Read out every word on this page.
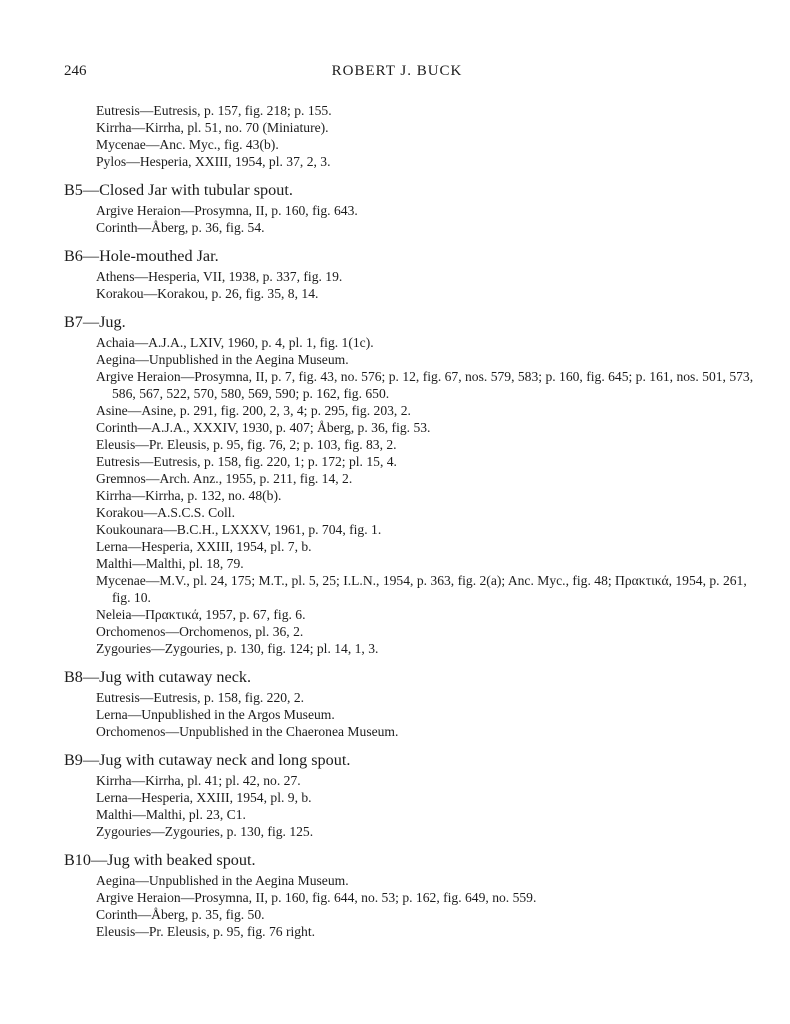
246	ROBERT J. BUCK
Eutresis—Eutresis, p. 157, fig. 218; p. 155.
Kirrha—Kirrha, pl. 51, no. 70 (Miniature).
Mycenae—Anc. Myc., fig. 43(b).
Pylos—Hesperia, XXIII, 1954, pl. 37, 2, 3.
B5—Closed Jar with tubular spout.
Argive Heraion—Prosymna, II, p. 160, fig. 643.
Corinth—Åberg, p. 36, fig. 54.
B6—Hole-mouthed Jar.
Athens—Hesperia, VII, 1938, p. 337, fig. 19.
Korakou—Korakou, p. 26, fig. 35, 8, 14.
B7—Jug.
Achaia—A.J.A., LXIV, 1960, p. 4, pl. 1, fig. 1(1c).
Aegina—Unpublished in the Aegina Museum.
Argive Heraion—Prosymna, II, p. 7, fig. 43, no. 576; p. 12, fig. 67, nos. 579, 583; p. 160, fig. 645; p. 161, nos. 501, 573, 586, 567, 522, 570, 580, 569, 590; p. 162, fig. 650.
Asine—Asine, p. 291, fig. 200, 2, 3, 4; p. 295, fig. 203, 2.
Corinth—A.J.A., XXXIV, 1930, p. 407; Åberg, p. 36, fig. 53.
Eleusis—Pr. Eleusis, p. 95, fig. 76, 2; p. 103, fig. 83, 2.
Eutresis—Eutresis, p. 158, fig. 220, 1; p. 172; pl. 15, 4.
Gremnos—Arch. Anz., 1955, p. 211, fig. 14, 2.
Kirrha—Kirrha, p. 132, no. 48(b).
Korakou—A.S.C.S. Coll.
Koukounara—B.C.H., LXXXV, 1961, p. 704, fig. 1.
Lerna—Hesperia, XXIII, 1954, pl. 7, b.
Malthi—Malthi, pl. 18, 79.
Mycenae—M.V., pl. 24, 175; M.T., pl. 5, 25; I.L.N., 1954, p. 363, fig. 2(a); Anc. Myc., fig. 48; Πρακτικά, 1954, p. 261, fig. 10.
Neleia—Πρακτικά, 1957, p. 67, fig. 6.
Orchomenos—Orchomenos, pl. 36, 2.
Zygouries—Zygouries, p. 130, fig. 124; pl. 14, 1, 3.
B8—Jug with cutaway neck.
Eutresis—Eutresis, p. 158, fig. 220, 2.
Lerna—Unpublished in the Argos Museum.
Orchomenos—Unpublished in the Chaeronea Museum.
B9—Jug with cutaway neck and long spout.
Kirrha—Kirrha, pl. 41; pl. 42, no. 27.
Lerna—Hesperia, XXIII, 1954, pl. 9, b.
Malthi—Malthi, pl. 23, C1.
Zygouries—Zygouries, p. 130, fig. 125.
B10—Jug with beaked spout.
Aegina—Unpublished in the Aegina Museum.
Argive Heraion—Prosymna, II, p. 160, fig. 644, no. 53; p. 162, fig. 649, no. 559.
Corinth—Åberg, p. 35, fig. 50.
Eleusis—Pr. Eleusis, p. 95, fig. 76 right.
